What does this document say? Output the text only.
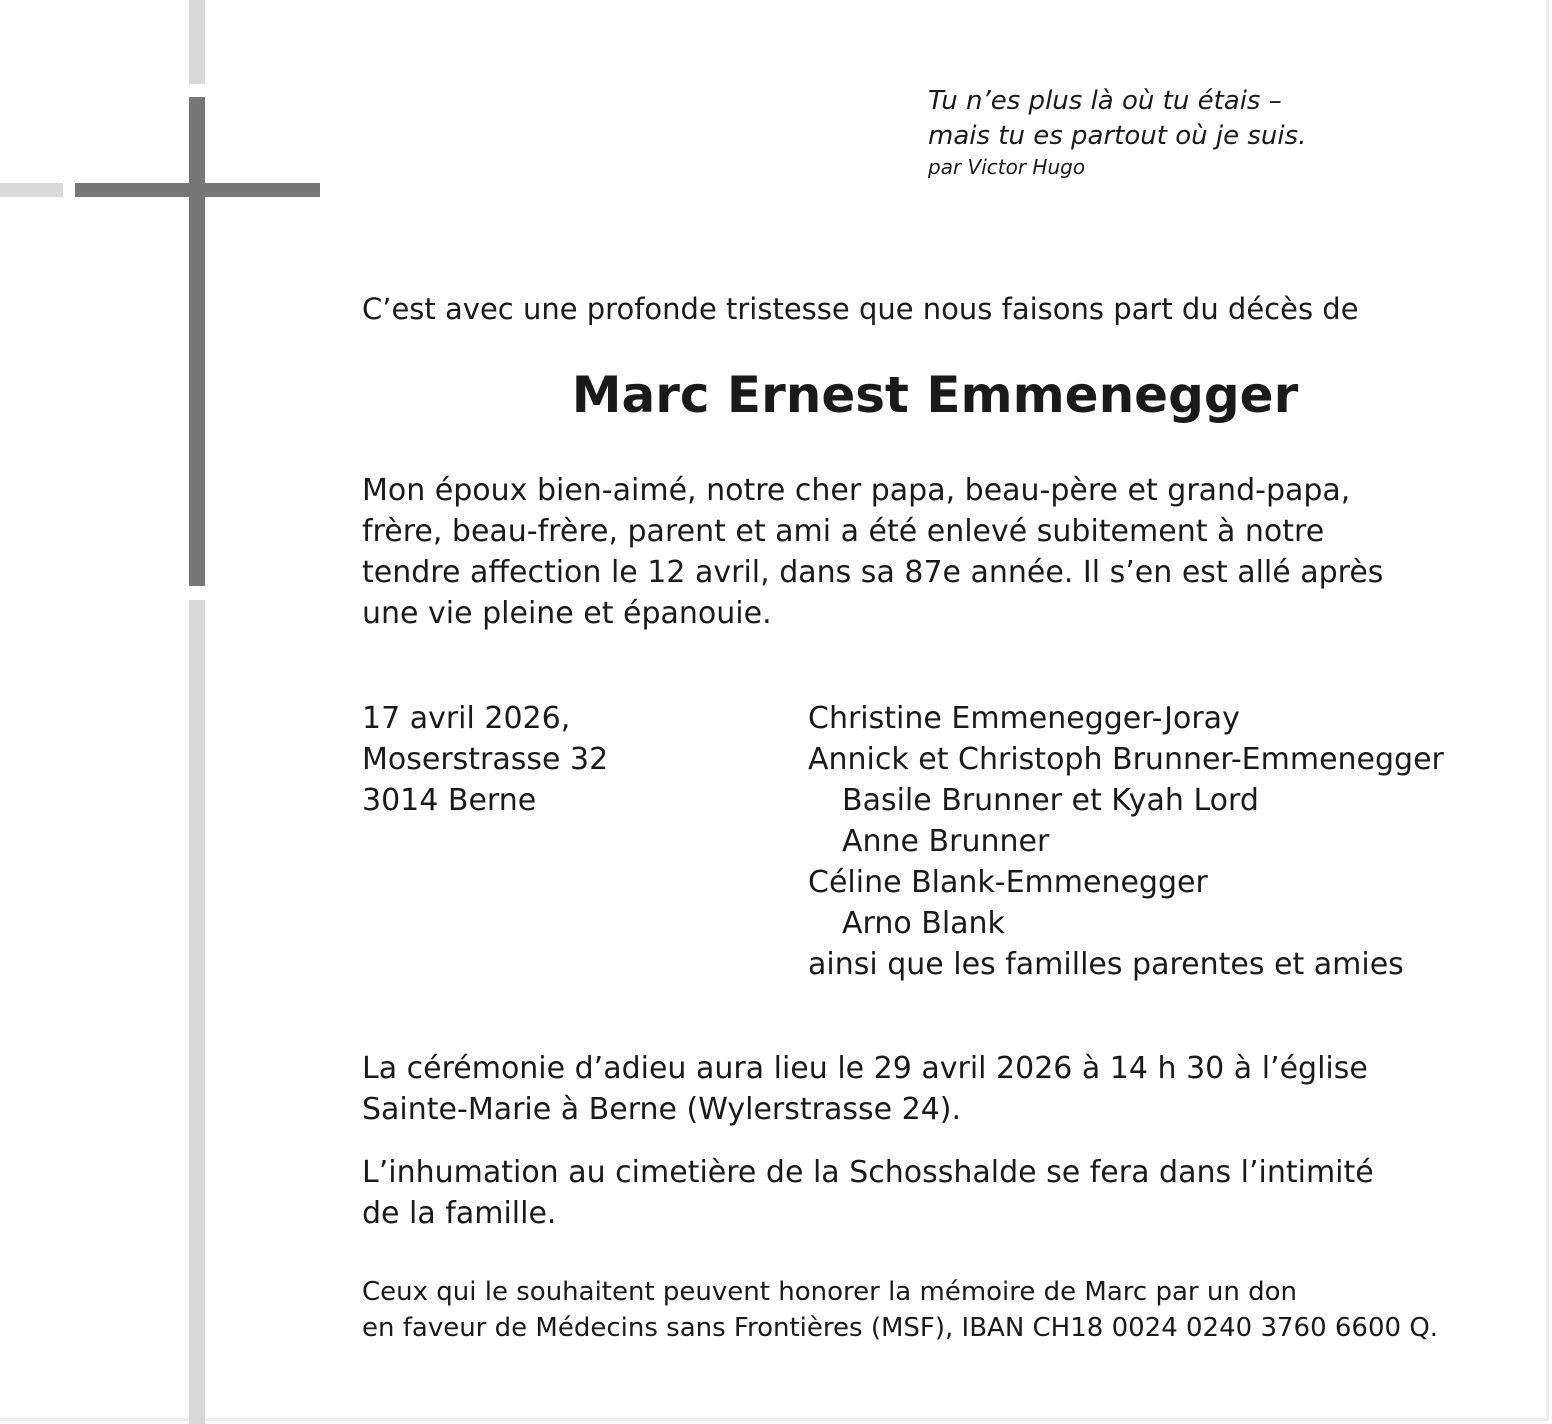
Tu n’es plus là où tu étais –
mais tu es partout où je suis.
par Victor Hugo
C’est avec une profonde tristesse que nous faisons part du décès de
Marc Ernest Emmenegger
Mon époux bien-aimé, notre cher papa, beau-père et grand-papa,
frère, beau-frère, parent et ami a été enlevé subitement à notre
tendre affection le 12 avril, dans sa 87e année. Il s’en est allé après
une vie pleine et épanouie.
17 avril 2026,
Moserstrasse 32
3014 Berne
Christine Emmenegger-Joray
Annick et Christoph Brunner-Emmenegger
Basile Brunner et Kyah Lord
Anne Brunner
Céline Blank-Emmenegger
Arno Blank
ainsi que les familles parentes et amies
La cérémonie d’adieu aura lieu le 29 avril 2026 à 14 h 30 à l’église
Sainte-Marie à Berne (Wylerstrasse 24).
L’inhumation au cimetière de la Schosshalde se fera dans l’intimité
de la famille.
Ceux qui le souhaitent peuvent honorer la mémoire de Marc par un don
en faveur de Médecins sans Frontières (MSF), IBAN CH18 0024 0240 3760 6600 Q.
